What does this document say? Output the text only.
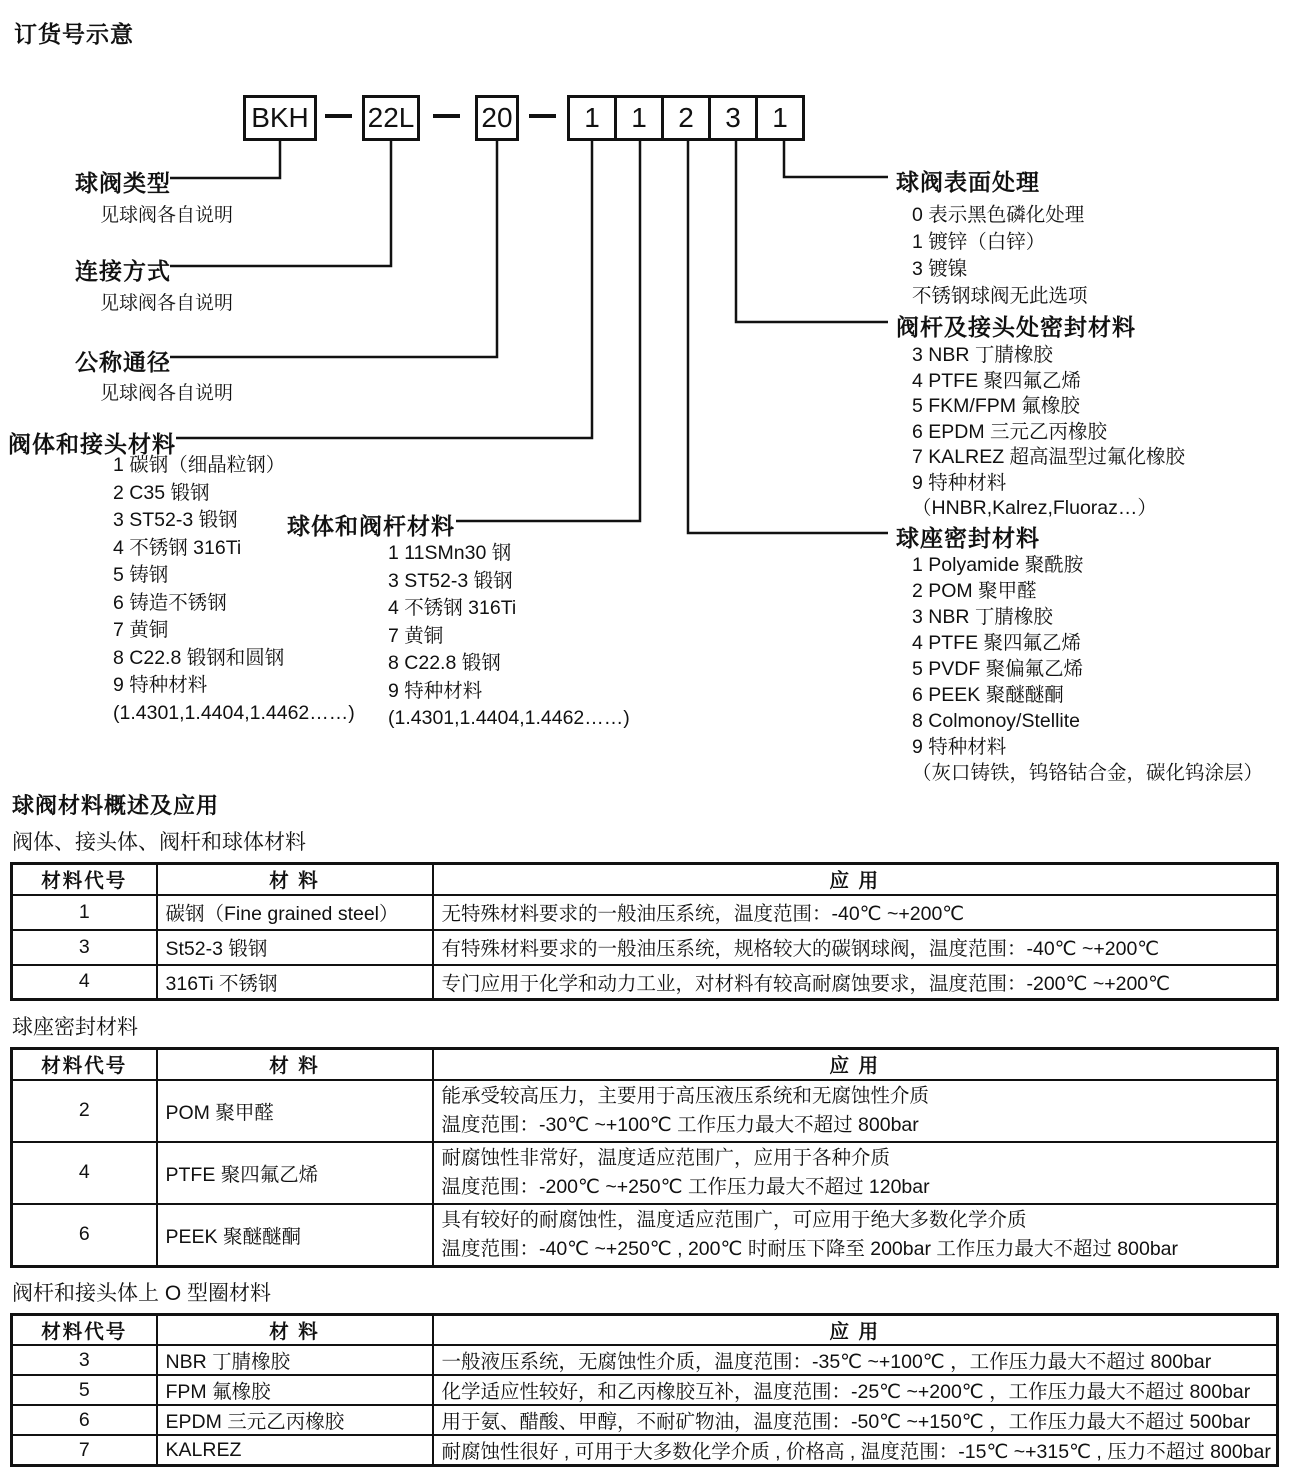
订货号示意
BKH 22L 20	1	1	2	3	1
球阀类型
见球阀各自说明
连接方式
见球阀各自说明
公称通径
见球阀各自说明
阀体和接头材料
1 碳钢（细晶粒钢）
2 C35 锻钢
3 ST52-3 锻钢
4 不锈钢 316Ti
5 铸钢
6 铸造不锈钢
7 黄铜
8 C22.8 锻钢和圆钢
9 特种材料
(1.4301,1.4404,1.4462……)
球体和阀杆材料
1 11SMn30 钢
3 ST52-3 锻钢
4 不锈钢 316Ti
7 黄铜
8 C22.8 锻钢
9 特种材料
(1.4301,1.4404,1.4462……)
球阀表面处理
0 表示黑色磷化处理
1 镀锌（白锌）
3 镀镍
不锈钢球阀无此选项
阀杆及接头处密封材料
3 NBR 丁腈橡胶
4 PTFE 聚四氟乙烯
5 FKM/FPM 氟橡胶
6 EPDM 三元乙丙橡胶
7 KALREZ 超高温型过氟化橡胶
9 特种材料
（HNBR,Kalrez,Fluoraz…）
球座密封材料
1 Polyamide 聚酰胺
2 POM 聚甲醛
3 NBR 丁腈橡胶
4 PTFE 聚四氟乙烯
5 PVDF 聚偏氟乙烯
6 PEEK 聚醚醚酮
8 Colmonoy/Stellite
9 特种材料
（灰口铸铁，钨铬钴合金，碳化钨涂层）
球阀材料概述及应用
阀体、接头体、阀杆和球体材料
材料代号	材 料	应 用
1	碳钢（Fine grained steel）	无特殊材料要求的一般油压系统，温度范围：-40℃ ~+200℃
3	St52-3 锻钢	有特殊材料要求的一般油压系统，规格较大的碳钢球阀，温度范围：-40℃ ~+200℃
4	316Ti 不锈钢	专门应用于化学和动力工业，对材料有较高耐腐蚀要求，温度范围：-200℃ ~+200℃
球座密封材料
材料代号	材 料	应 用
2	POM 聚甲醛	能承受较高压力，主要用于高压液压系统和无腐蚀性介质
温度范围：-30℃ ~+100℃ 工作压力最大不超过 800bar

4	PTFE 聚四氟乙烯	耐腐蚀性非常好，温度适应范围广，应用于各种介质
温度范围：-200℃ ~+250℃ 工作压力最大不超过 120bar

6	PEEK 聚醚醚酮	具有较好的耐腐蚀性，温度适应范围广，可应用于绝大多数化学介质
温度范围：-40℃ ~+250℃ , 200℃ 时耐压下降至 200bar 工作压力最大不超过 800bar
阀杆和接头体上 O 型圈材料
材料代号	材 料	应 用
3	NBR 丁腈橡胶	一般液压系统，无腐蚀性介质，温度范围：-35℃ ~+100℃ ，工作压力最大不超过 800bar
5	FPM 氟橡胶	化学适应性较好，和乙丙橡胶互补，温度范围：-25℃ ~+200℃ ，工作压力最大不超过 800bar
6	EPDM 三元乙丙橡胶	用于氨、醋酸、甲醇，不耐矿物油，温度范围：-50℃ ~+150℃ ，工作压力最大不超过 500bar
7	KALREZ	耐腐蚀性很好 , 可用于大多数化学介质 , 价格高 , 温度范围：-15℃ ~+315℃ , 压力不超过 800bar
